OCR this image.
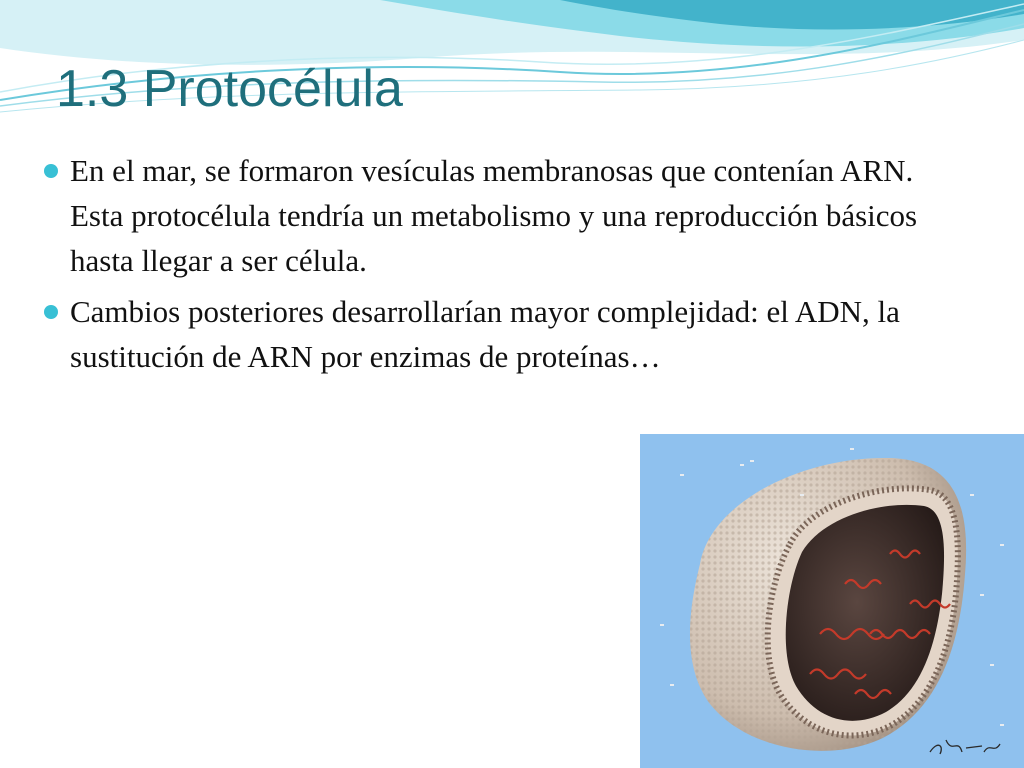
1.3 Protocélula
En el mar, se formaron vesículas membranosas que contenían ARN. Esta protocélula tendría un metabolismo y una reproducción básicos hasta llegar a ser célula.
Cambios posteriores desarrollarían mayor complejidad: el ADN, la sustitución de ARN por enzimas de proteínas…
